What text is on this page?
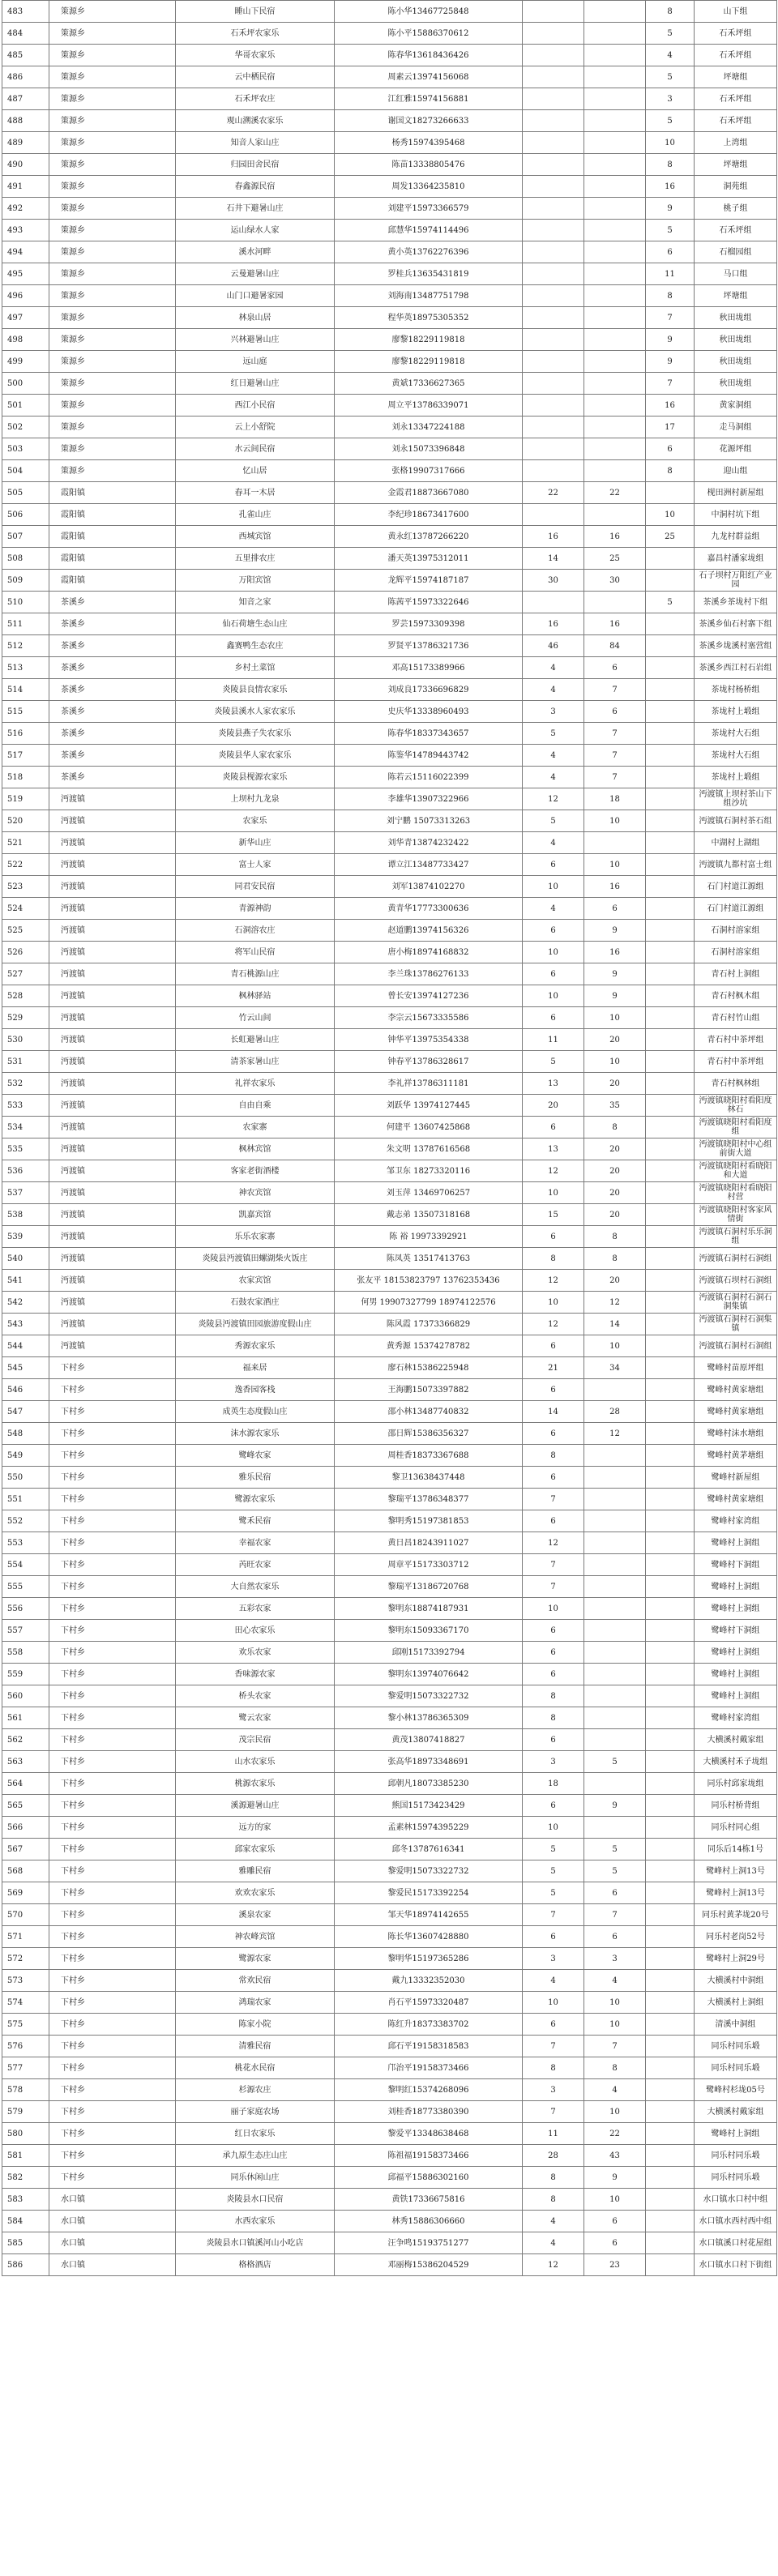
483	策源乡	睡山下民宿	陈小华13467725848			8	山下组
484	策源乡	石禾坪农家乐	陈小平15886370612			5	石禾坪组
485	策源乡	华哥农家乐	陈春华13618436426			4	石禾坪组
486	策源乡	云中栖民宿	周素云13974156068			5	坪塘组
487	策源乡	石禾坪农庄	江红雅15974156881			3	石禾坪组
488	策源乡	观山溯溪农家乐	谢国文18273266633			5	石禾坪组
489	策源乡	知音人家山庄	杨秀15974395468			10	上湾组
490	策源乡	归园田舍民宿	陈苗13338805476			8	坪塘组
491	策源乡	春鑫源民宿	周发13364235810			16	洞苑组
492	策源乡	石井下避暑山庄	刘建平15973366579			9	桃子组
493	策源乡	运山绿水人家	邱慧华15974114496			5	石禾坪组
494	策源乡	溪水河畔	黄小英13762276396			6	石榴园组
495	策源乡	云曼避暑山庄	罗桂兵13635431819			11	马口组
496	策源乡	山门口避暑家园	刘海南13487751798			8	坪塘组
497	策源乡	林泉山居	程华英18975305352			7	秋田垅组
498	策源乡	兴林避暑山庄	廖黎18229119818			9	秋田垅组
499	策源乡	远山庭	廖黎18229119818			9	秋田垅组
500	策源乡	红日避暑山庄	黄斌17336627365			7	秋田垅组
501	策源乡	西江小民宿	周立平13786339071			16	黄家洞组
502	策源乡	云上小舒院	刘永13347224188			17	走马洞组
503	策源乡	水云间民宿	刘永15073396848			6	花源坪组
504	策源乡	忆山居	张格19907317666			8	迎山组
505	霞阳镇	春耳一木居	金霞君18873667080	22	22		枧田洲村新屋组
506	霞阳镇	孔雀山庄	李纪珍18673417600			10	中洞村坑下组
507	霞阳镇	西城宾馆	黄永红13787266220	16	16	25	九龙村群益组
508	霞阳镇	五里排农庄	潘天英13975312011	14	25		嘉昌村潘家垅组
509	霞阳镇	万阳宾馆	龙辉平15974187187	30	30		石子坝村万阳红产业园
510	茶溪乡	知音之家	陈茜平15973322646			5	茶溪乡茶垅村下组
511	茶溪乡	仙石荷塘生态山庄	罗芸15973309398	16	16		茶溪乡仙石村寨下组
512	茶溪乡	鑫赛鸭生态农庄	罗贤平13786321736	46	84		茶溪乡垅溪村塞营组
513	茶溪乡	乡村土菜馆	邓高15173389966	4	6		茶溪乡西江村石岩组
514	茶溪乡	炎陵县良情农家乐	刘成良17336696829	4	7		茶垅村杨桥组
515	茶溪乡	炎陵县溪水人家农家乐	史庆华13338960493	3	6		茶垅村上塅组
516	茶溪乡	炎陵县燕子失农家乐	陈春华18337343657	5	7		茶垅村大石组
517	茶溪乡	炎陵县华人家农家乐	陈鉴华14789443742	4	7		茶垅村大石组
518	茶溪乡	炎陵县枧源农家乐	陈若云15116022399	4	7		茶垅村上塅组
519	沔渡镇	上坝村九龙泉	李雄华13907322966	12	18		沔渡镇上坝村茶山下组沙坑
520	沔渡镇	农家乐	刘宁鹏 15073313263	5	10		沔渡镇石洞村茶石组
521	沔渡镇	新华山庄	刘华青13874232422	4			中湖村上湖组
522	沔渡镇	富士人家	谭立江13487733427	6	10		沔渡镇九都村富士组
523	沔渡镇	同君安民宿	刘军13874102270	10	16		石门村道江源组
524	沔渡镇	青源神韵	黄青华17773300636	4	6		石门村道江源组
525	沔渡镇	石洞溶农庄	赵道鹏13974156326	6	9		石洞村溶家组
526	沔渡镇	将军山民宿	唐小梅18974168832	10	16		石洞村溶家组
527	沔渡镇	青石桃源山庄	李兰珠13786276133	6	9		青石村上洞组
528	沔渡镇	枫林驿站	曾长安13974127236	10	9		青石村枫木组
529	沔渡镇	竹云山间	李宗云15673335586	6	10		青石村竹山组
530	沔渡镇	长虹避暑山庄	钟华平13975354338	11	20		青石村中茶坪组
531	沔渡镇	清茶家暑山庄	钟春平13786328617	5	10		青石村中茶坪组
532	沔渡镇	礼祥农家乐	李礼祥13786311181	13	20		青石村枫林组
533	沔渡镇	自由自乘	刘跃华 13974127445	20	35		沔渡镇晓阳村看阳度林石
534	沔渡镇	农家寨	何建平 13607425868	6	8		沔渡镇晓阳村看阳度组
535	沔渡镇	枫林宾馆	朱文明 13787616568	13	20		沔渡镇晓阳村中心组前街大道
536	沔渡镇	客家老街酒楼	邹卫东 18273320116	12	20		沔渡镇晓阳村看晓阳和大道
537	沔渡镇	神农宾馆	刘玉萍 13469706257	10	20		沔渡镇晓阳村看晓阳村营
538	沔渡镇	凯嘉宾馆	戴志弟 13507318168	15	20		沔渡镇晓阳村客家风情街
539	沔渡镇	乐乐农家寨	陈 裕 19973392921	6	8		沔渡镇石洞村乐乐洞组
540	沔渡镇	炎陵县沔渡镇田螺湖柴火饭庄	陈凤英 13517413763	8	8		沔渡镇石洞村石洞组
541	沔渡镇	农家宾馆	张友平 18153823797 13762353436	12	20		沔渡镇石坝村石洞组
542	沔渡镇	石鼓农家酒庄	何男 19907327799 18974122576	10	12		沔渡镇石洞村石洞石洞集镇
543	沔渡镇	炎陵县沔渡镇田园旅游度假山庄	陈风霞 17373366829	12	14		沔渡镇石洞村石洞集镇
544	沔渡镇	秀源农家乐	黄秀源 15374278782	6	10		沔渡镇石洞村石洞组
545	下村乡	福来居	廖石林15386225948	21	34		鹭峰村苗原坪组
546	下村乡	逸香园客栈	王海鹏15073397882	6			鹭峰村黄家塘组
547	下村乡	成英生态度假山庄	邵小林13487740832	14	28		鹭峰村黄家塘组
548	下村乡	沫水源农家乐	邵日辉15386356327	6	12		鹭峰村沫水塘组
549	下村乡	鹭峰农家	周桂香18373367688	8			鹭峰村黄茅塘组
550	下村乡	雅乐民宿	黎卫13638437448	6			鹭峰村新屋组
551	下村乡	鹭源农家乐	黎瑞平13786348377	7			鹭峰村黄家塘组
552	下村乡	鹭禾民宿	黎明秀15197381853	6			鹭峰村家湾组
553	下村乡	幸福农家	黄日昌18243911027	12			鹭峰村上洞组
554	下村乡	芮旺农家	周章平15173303712	7			鹭峰村下洞组
555	下村乡	大自然农家乐	黎瑞平13186720768	7			鹭峰村上洞组
556	下村乡	五彩农家	黎明东18874187931	10			鹭峰村上洞组
557	下村乡	田心农家乐	黎明东15093367170	6			鹭峰村下洞组
558	下村乡	欢乐农家	邱刚15173392794	6			鹭峰村上洞组
559	下村乡	香味源农家	黎明东13974076642	6			鹭峰村上洞组
560	下村乡	桥头农家	黎爱明15073322732	8			鹭峰村上洞组
561	下村乡	鹭云农家	黎小林13786365309	8			鹭峰村家湾组
562	下村乡	茂宗民宿	黄茂13807418827	6			大横溪村戴家组
563	下村乡	山水农家乐	张高华18973348691	3	5		大横溪村禾子垅组
564	下村乡	桃源农家乐	邱朝凡18073385230	18			同乐村邱家垅组
565	下村乡	溪源避暑山庄	熊国15173423429	6	9		同乐村桥背组
566	下村乡	远方的家	孟素林15974395229	10			同乐村同心组
567	下村乡	邱家农家乐	邱冬13787616341	5	5		同乐后14栋1号
568	下村乡	雅雕民宿	黎爱明15073322732	5	5		鹭峰村上洞13号
569	下村乡	欢欢农家乐	黎爱民15173392254	5	6		鹭峰村上洞13号
570	下村乡	溪泉农家	邹天华18974142655	7	7		同乐村黄茅垅20号
571	下村乡	神农峰宾馆	陈长华13607428880	6	6		同乐村老岗52号
572	下村乡	鹭源农家	黎明华15197365286	3	3		鹭峰村上洞29号
573	下村乡	常欢民宿	戴九13332352030	4	4		大横溪村中洞组
574	下村乡	鸿瑞农家	肖石平15973320487	10	10		大横溪村上洞组
575	下村乡	陈家小院	陈红升18373383702	6	10		清溪中洞组
576	下村乡	清雅民宿	邱石平19158318583	7	7		同乐村同乐塅
577	下村乡	桃花水民宿	邝治平19158373466	8	8		同乐村同乐塅
578	下村乡	杉源农庄	黎明红15374268096	3	4		鹭峰村杉垅05号
579	下村乡	丽子家庭农场	刘桂香18773380390	7	10		大横溪村戴家组
580	下村乡	红日农家乐	黎爱平13348638468	11	22		鹭峰村上洞组
581	下村乡	承九原生态庄山庄	陈祖福19158373466	28	43		同乐村同乐塅
582	下村乡	同乐休闲山庄	邱福平15886302160	8	9		同乐村同乐塅
583	水口镇	炎陵县水口民宿	黄铁17336675816	8	10		水口镇水口村中组
584	水口镇	水西农家乐	林秀15886306660	4	6		水口镇水西村西中组
585	水口镇	炎陵县水口镇溪河山小吃店	汪争鸣15193751277	4	6		水口镇溪口村花屋组
586	水口镇	格格酒店	邓丽梅15386204529	12	23		水口镇水口村下街组
